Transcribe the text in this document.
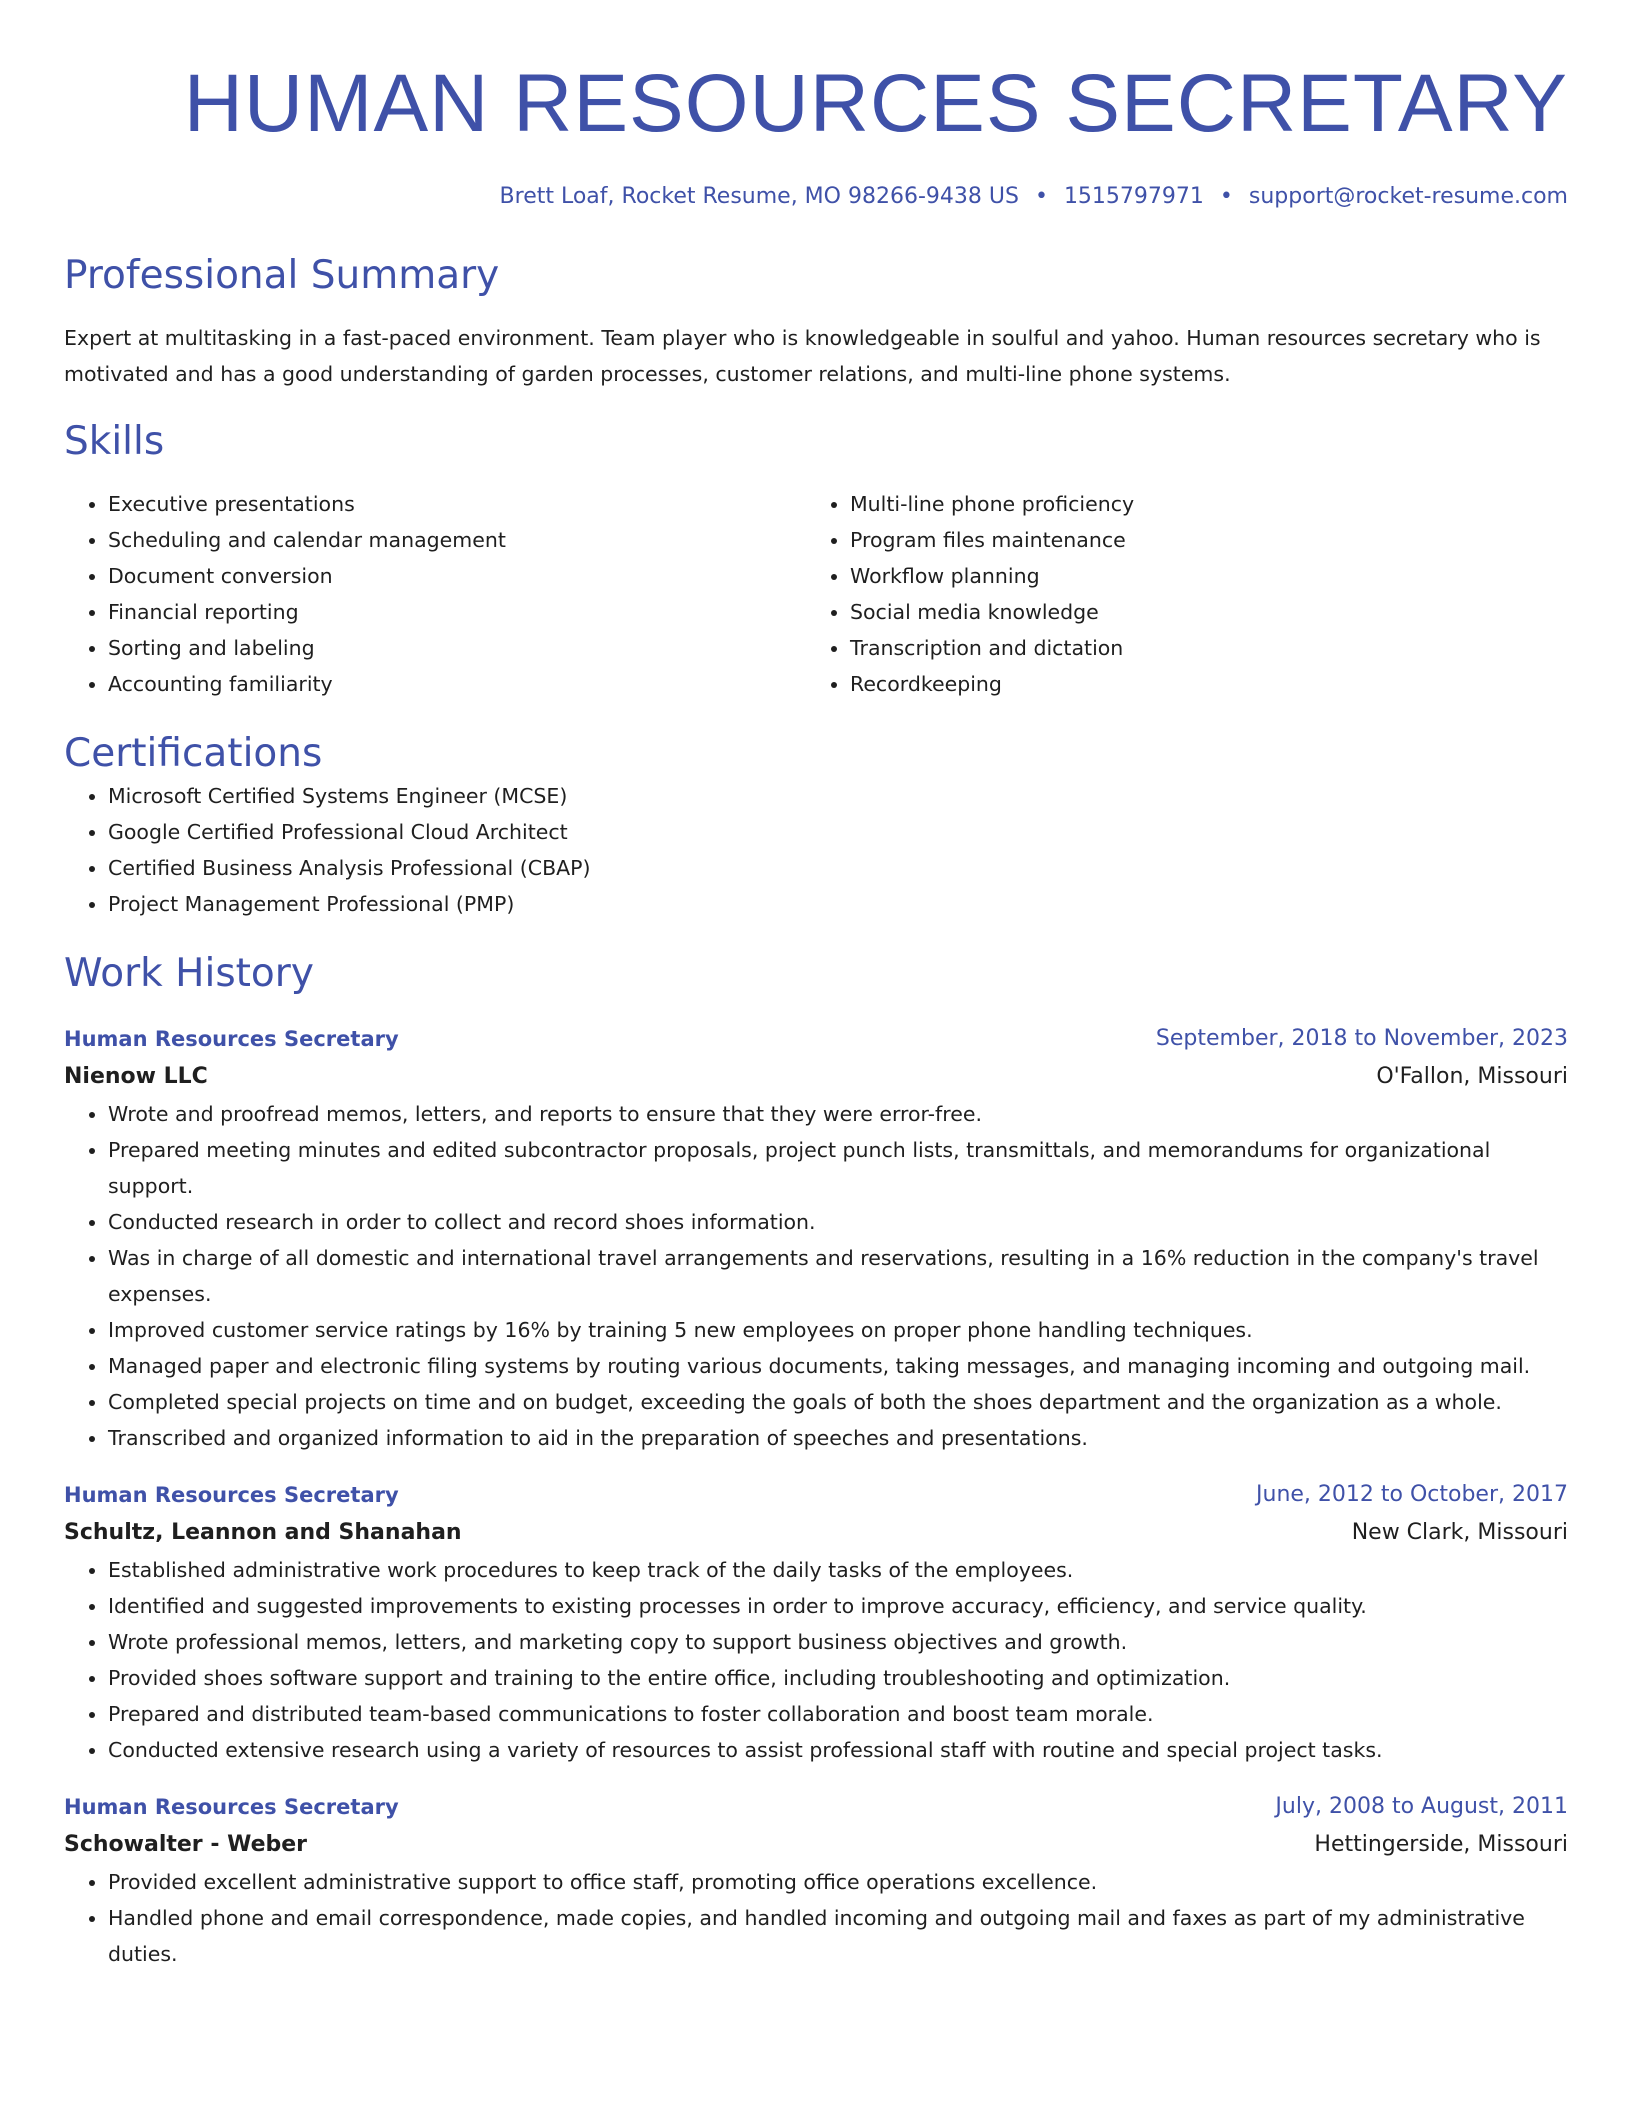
HUMAN RESOURCES SECRETARY
Brett Loaf, Rocket Resume, MO 98266-9438 US • 1515797971 • support@rocket-resume.com
Professional Summary

Expert at multitasking in a fast-paced environment. Team player who is knowledgeable in soulful and yahoo. Human resources secretary who is motivated and has a good understanding of garden processes, customer relations, and multi-line phone systems.

Skills
• Executive presentations
• Scheduling and calendar management
• Document conversion
• Financial reporting
• Sorting and labeling
• Accounting familiarity
• Multi-line phone proficiency
• Program files maintenance
• Workflow planning
• Social media knowledge
• Transcription and dictation
• Recordkeeping
Certifications
• Microsoft Certified Systems Engineer (MCSE)
• Google Certified Professional Cloud Architect
• Certified Business Analysis Professional (CBAP)
• Project Management Professional (PMP)
Work History
Human Resources Secretary	September, 2018 to November, 2023
Nienow LLC	O'Fallon, Missouri
• Wrote and proofread memos, letters, and reports to ensure that they were error-free.
• Prepared meeting minutes and edited subcontractor proposals, project punch lists, transmittals, and memorandums for organizational support.
• Conducted research in order to collect and record shoes information.
• Was in charge of all domestic and international travel arrangements and reservations, resulting in a 16% reduction in the company's travel expenses.
• Improved customer service ratings by 16% by training 5 new employees on proper phone handling techniques.
• Managed paper and electronic filing systems by routing various documents, taking messages, and managing incoming and outgoing mail.
• Completed special projects on time and on budget, exceeding the goals of both the shoes department and the organization as a whole.
• Transcribed and organized information to aid in the preparation of speeches and presentations.
Human Resources Secretary	June, 2012 to October, 2017
Schultz, Leannon and Shanahan	New Clark, Missouri
• Established administrative work procedures to keep track of the daily tasks of the employees.
• Identified and suggested improvements to existing processes in order to improve accuracy, efficiency, and service quality.
• Wrote professional memos, letters, and marketing copy to support business objectives and growth.
• Provided shoes software support and training to the entire office, including troubleshooting and optimization.
• Prepared and distributed team-based communications to foster collaboration and boost team morale.
• Conducted extensive research using a variety of resources to assist professional staff with routine and special project tasks.
Human Resources Secretary	July, 2008 to August, 2011
Schowalter - Weber	Hettingerside, Missouri
• Provided excellent administrative support to office staff, promoting office operations excellence.
• Handled phone and email correspondence, made copies, and handled incoming and outgoing mail and faxes as part of my administrative duties.
